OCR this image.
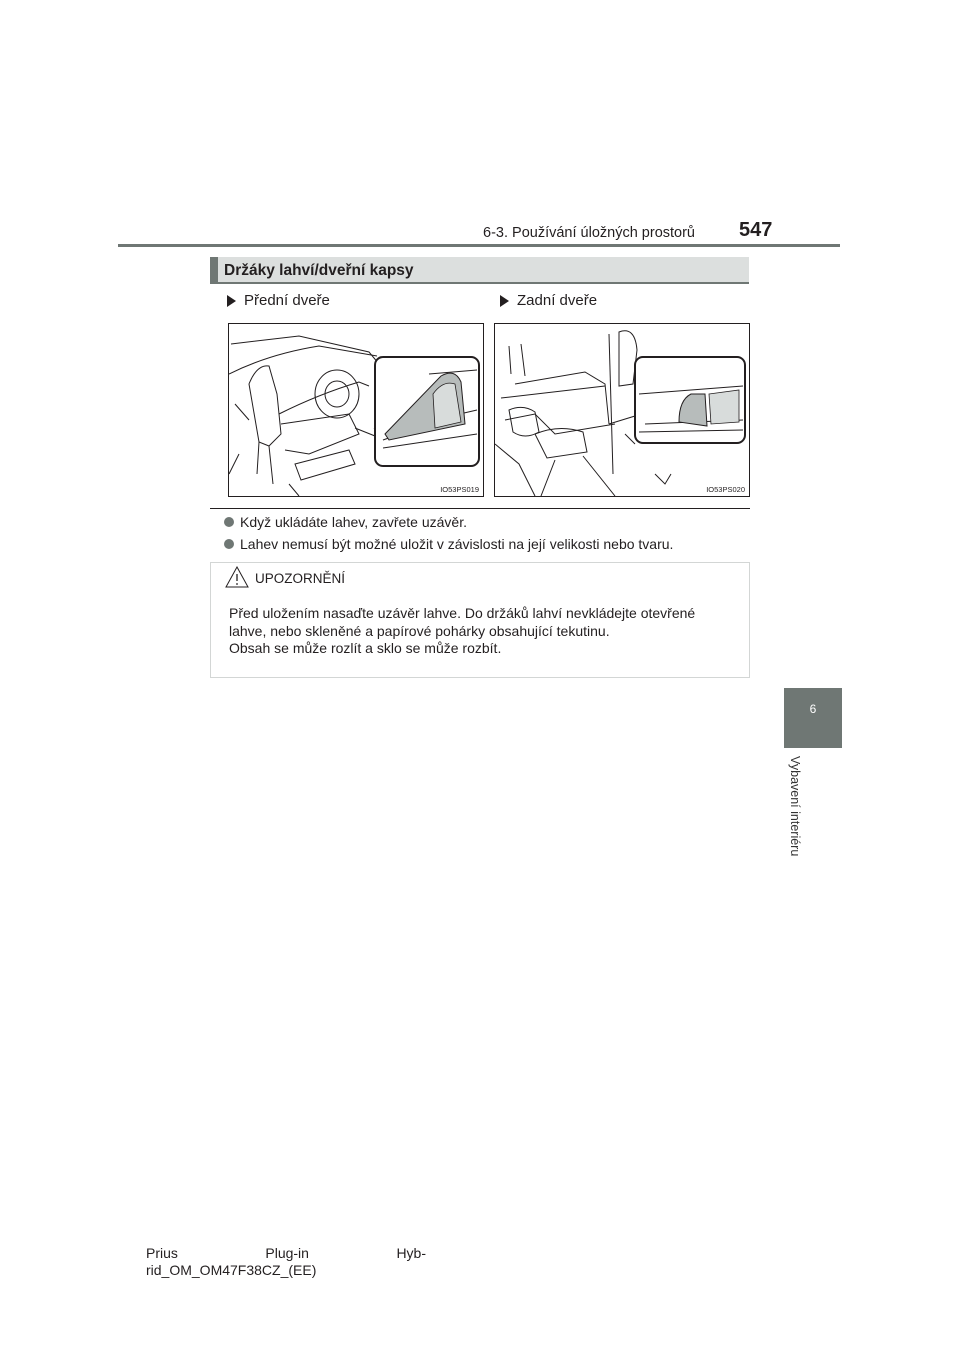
6-3. Používání úložných prostorů 547
6
Vybavení interiéru
Držáky lahví/dveřní kapsy
Přední dveře	Zadní dveře
IO53PS019	IO53PS020
Když ukládáte lahev, zavřete uzávěr.
Lahev nemusí být možné uložit v závislosti na její velikosti nebo tvaru.
UPOZORNĚNÍ
Před uložením nasaďte uzávěr lahve. Do držáků lahví nevkládejte otevřené
lahve, nebo skleněné a papírové pohárky obsahující tekutinu.
Obsah se může rozlít a sklo se může rozbít.
Prius	Plug-in	Hyb-
rid_OM_OM47F38CZ_(EE)
